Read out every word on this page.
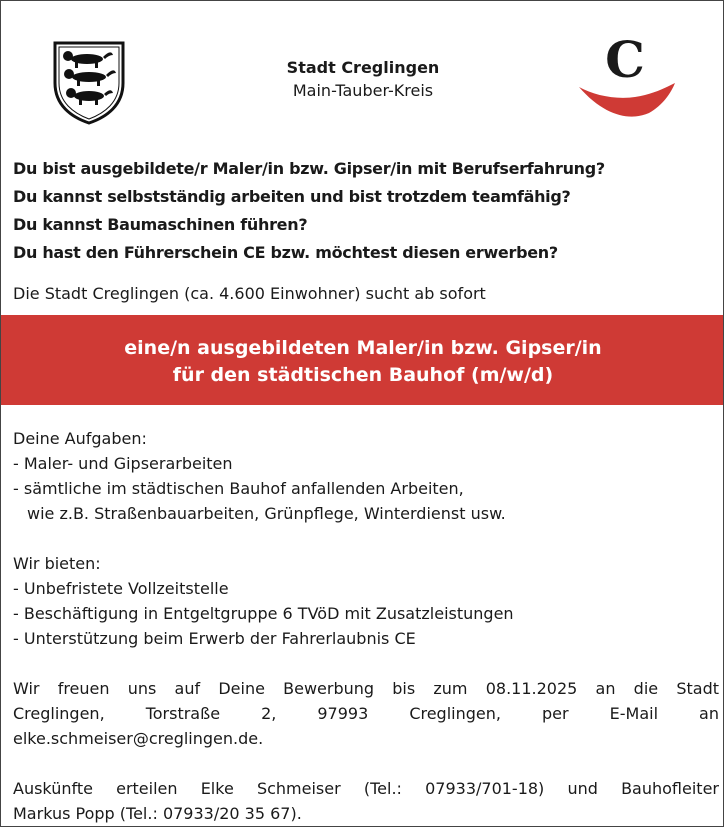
Stadt Creglingen
Main-Tauber-Kreis
C
Du bist ausgebildete/r Maler/in bzw. Gipser/in mit Berufserfahrung?
Du kannst selbstständig arbeiten und bist trotzdem teamfähig?
Du kannst Baumaschinen führen?
Du hast den Führerschein CE bzw. möchtest diesen erwerben?
Die Stadt Creglingen (ca. 4.600 Einwohner) sucht ab sofort
eine/n ausgebildeten Maler/in bzw. Gipser/in
für den städtischen Bauhof (m/w/d)
Deine Aufgaben:
- Maler- und Gipserarbeiten
- sämtliche im städtischen Bauhof anfallenden Arbeiten,
wie z.B. Straßenbauarbeiten, Grünpflege, Winterdienst usw.
Wir bieten:
- Unbefristete Vollzeitstelle
- Beschäftigung in Entgeltgruppe 6 TVöD mit Zusatzleistungen
- Unterstützung beim Erwerb der Fahrerlaubnis CE
Wir freuen uns auf Deine Bewerbung bis zum 08.11.2025 an die Stadt
Creglingen, Torstraße 2, 97993 Creglingen, per E-Mail an
elke.schmeiser@creglingen.de.
Auskünfte erteilen Elke Schmeiser (Tel.: 07933/701-18) und Bauhofleiter
Markus Popp (Tel.: 07933/20 35 67).
